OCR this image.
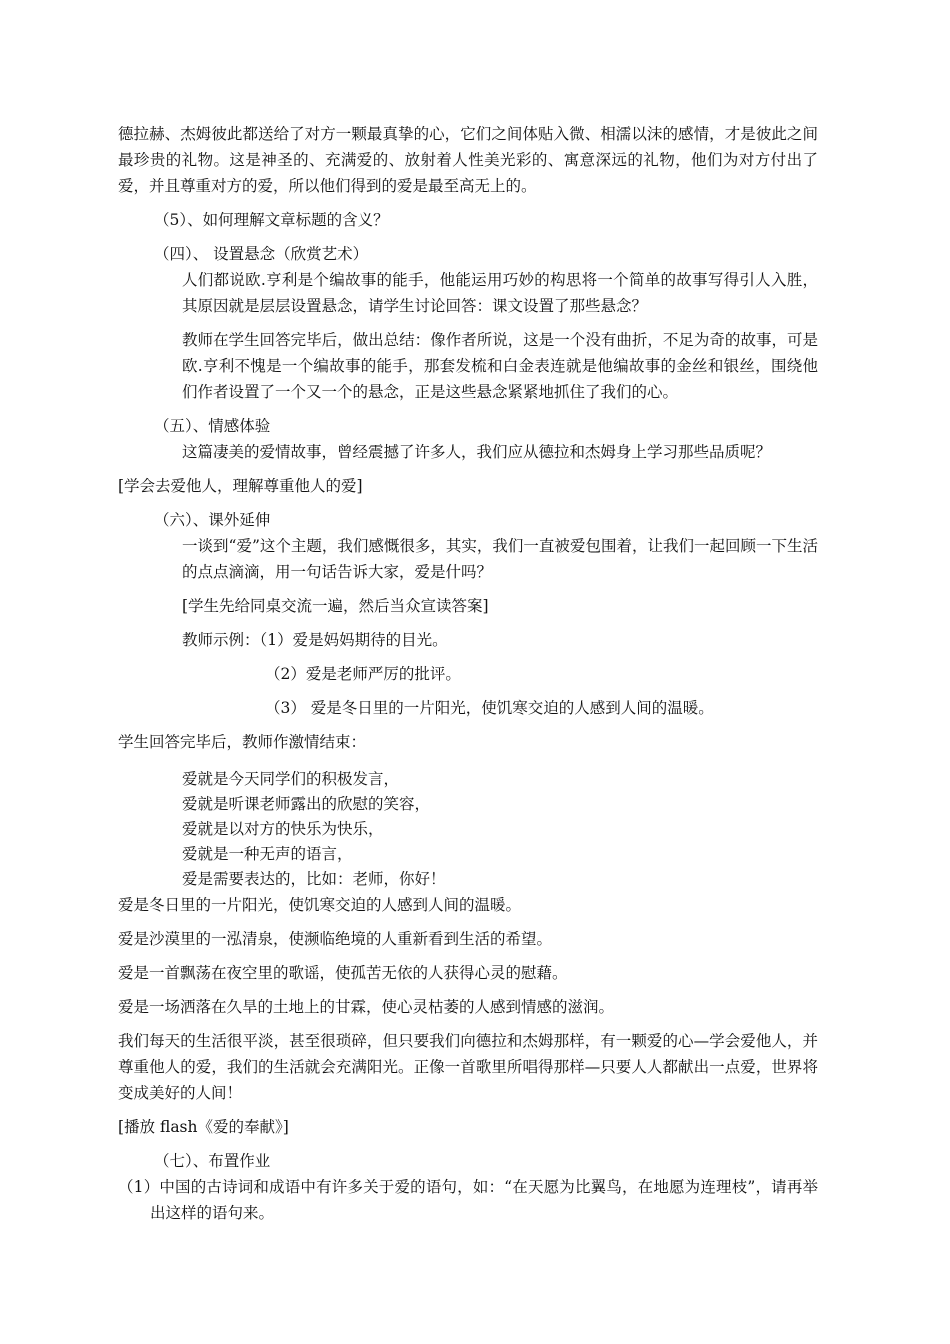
德拉赫、杰姆彼此都送给了对方一颗最真挚的心，它们之间体贴入微、相濡以沫的感情，才是彼此之间最珍贵的礼物。这是神圣的、充满爱的、放射着人性美光彩的、寓意深远的礼物，他们为对方付出了爱，并且尊重对方的爱，所以他们得到的爱是最至高无上的。

（5）、如何理解文章标题的含义？

（四）、 设置悬念（欣赏艺术）

人们都说欧.亨利是个编故事的能手，他能运用巧妙的构思将一个简单的故事写得引人入胜，其原因就是层层设置悬念，请学生讨论回答：课文设置了那些悬念？

教师在学生回答完毕后，做出总结：像作者所说，这是一个没有曲折，不足为奇的故事，可是欧.亨利不愧是一个编故事的能手，那套发梳和白金表连就是他编故事的金丝和银丝，围绕他们作者设置了一个又一个的悬念，正是这些悬念紧紧地抓住了我们的心。

（五）、情感体验

这篇凄美的爱情故事，曾经震撼了许多人，我们应从德拉和杰姆身上学习那些品质呢？

[学会去爱他人，理解尊重他人的爱]

（六）、课外延伸

一谈到“爱”这个主题，我们感慨很多，其实，我们一直被爱包围着，让我们一起回顾一下生活的点点滴滴，用一句话告诉大家，爱是什吗？

[学生先给同桌交流一遍，然后当众宣读答案]

教师示例：（1）爱是妈妈期待的目光。

（2）爱是老师严厉的批评。

（3） 爱是冬日里的一片阳光，使饥寒交迫的人感到人间的温暖。

学生回答完毕后，教师作激情结束：

爱就是今天同学们的积极发言，

爱就是听课老师露出的欣慰的笑容，

爱就是以对方的快乐为快乐，

爱就是一种无声的语言，

爱是需要表达的，比如：老师，你好！

爱是冬日里的一片阳光，使饥寒交迫的人感到人间的温暖。

爱是沙漠里的一泓清泉，使濒临绝境的人重新看到生活的希望。

爱是一首飘荡在夜空里的歌谣，使孤苦无依的人获得心灵的慰藉。

爱是一场洒落在久旱的土地上的甘霖，使心灵枯萎的人感到情感的滋润。

我们每天的生活很平淡，甚至很琐碎，但只要我们向德拉和杰姆那样，有一颗爱的心—学会爱他人，并尊重他人的爱，我们的生活就会充满阳光。正像一首歌里所唱得那样—只要人人都献出一点爱，世界将变成美好的人间！

[播放 flash《爱的奉献》]

（七）、布置作业

（1）中国的古诗词和成语中有许多关于爱的语句，如：“在天愿为比翼鸟，在地愿为连理枝”，请再举出这样的语句来。
